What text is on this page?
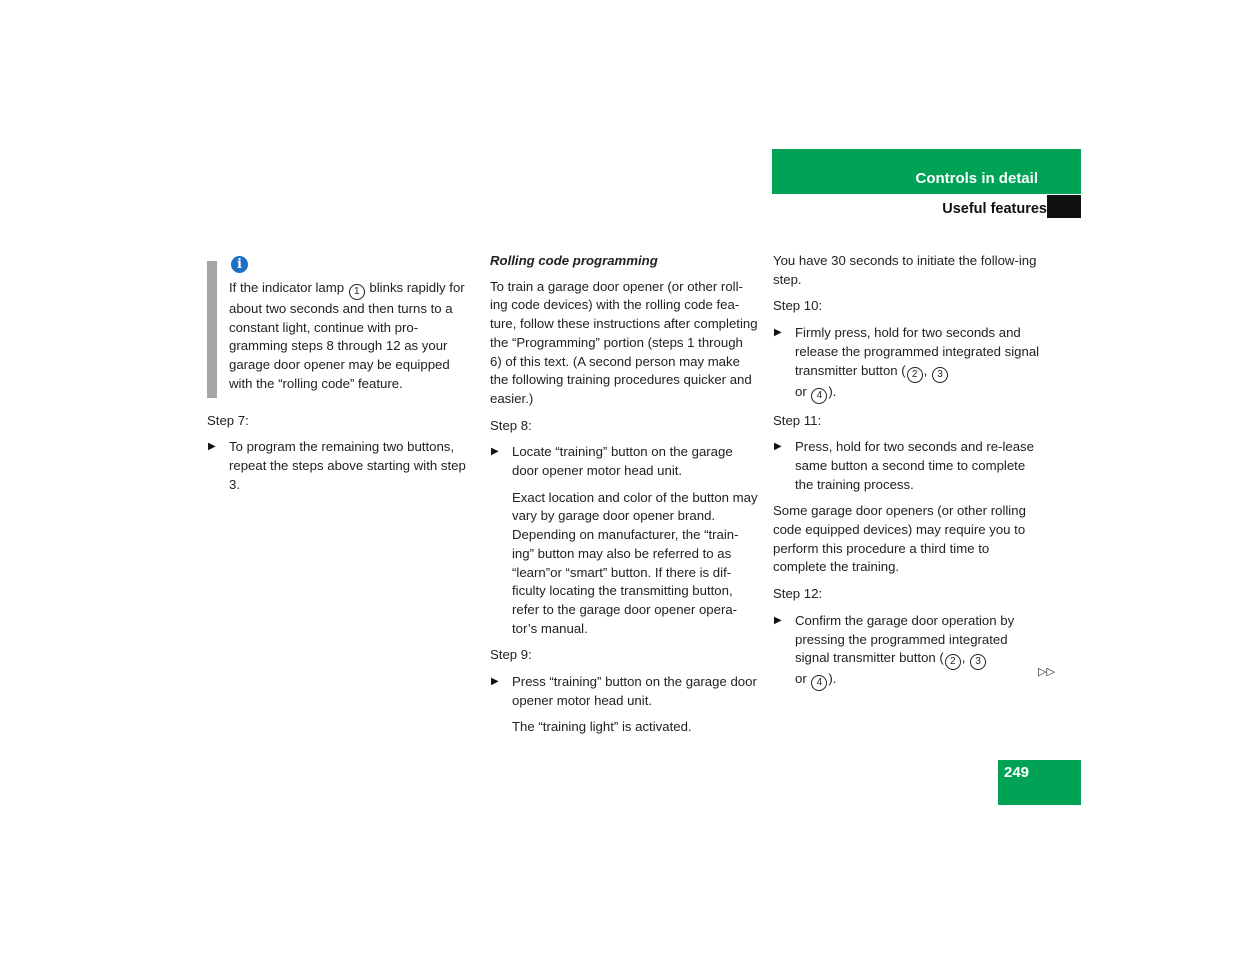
Controls in detail
Useful features
i

If the indicator lamp 1 blinks rapidly for about two seconds and then turns to a constant light, continue with pro-gramming steps 8 through 12 as your garage door opener may be equipped with the “rolling code” feature.

Step 7:

▶ To program the remaining two buttons, repeat the steps above starting with step 3.

Rolling code programming

To train a garage door opener (or other roll-ing code devices) with the rolling code fea-ture, follow these instructions after completing the “Programming” portion (steps 1 through 6) of this text. (A second person may make the following training procedures quicker and easier.)

Step 8:

▶ Locate “training” button on the garage door opener motor head unit.

Exact location and color of the button may vary by garage door opener brand. Depending on manufacturer, the “train-ing” button may also be referred to as “learn”or “smart” button. If there is dif-ficulty locating the transmitting button, refer to the garage door opener opera-tor’s manual.

Step 9:

▶ Press “training” button on the garage door opener motor head unit.

The “training light” is activated.

You have 30 seconds to initiate the follow-ing step.

Step 10:

▶ Firmly press, hold for two seconds and release the programmed integrated signal transmitter button ( 2 , 3
or 4 ).

Step 11:

▶ Press, hold for two seconds and re-lease same button a second time to complete the training process.

Some garage door openers (or other rolling code equipped devices) may require you to perform this procedure a third time to complete the training.

Step 12:

▶ Confirm the garage door operation by pressing the programmed integrated signal transmitter button ( 2 , 3
or 4 ).	▷▷
249
